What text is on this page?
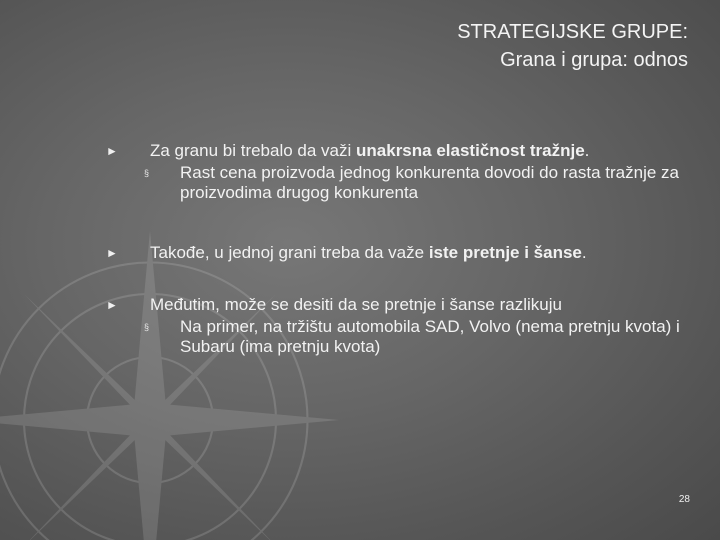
STRATEGIJSKE GRUPE:
Grana i grupa: odnos
► Za granu bi trebalo da važi unakrsna elastičnost tražnje.
§ Rast cena proizvoda jednog konkurenta dovodi do rasta tražnje za proizvodima drugog konkurenta
► Takođe, u jednoj grani treba da važe iste pretnje i šanse.
► Međutim, može se desiti da se pretnje i šanse razlikuju
§ Na primer, na tržištu automobila SAD, Volvo (nema pretnju kvota) i Subaru (ima pretnju kvota)
28
